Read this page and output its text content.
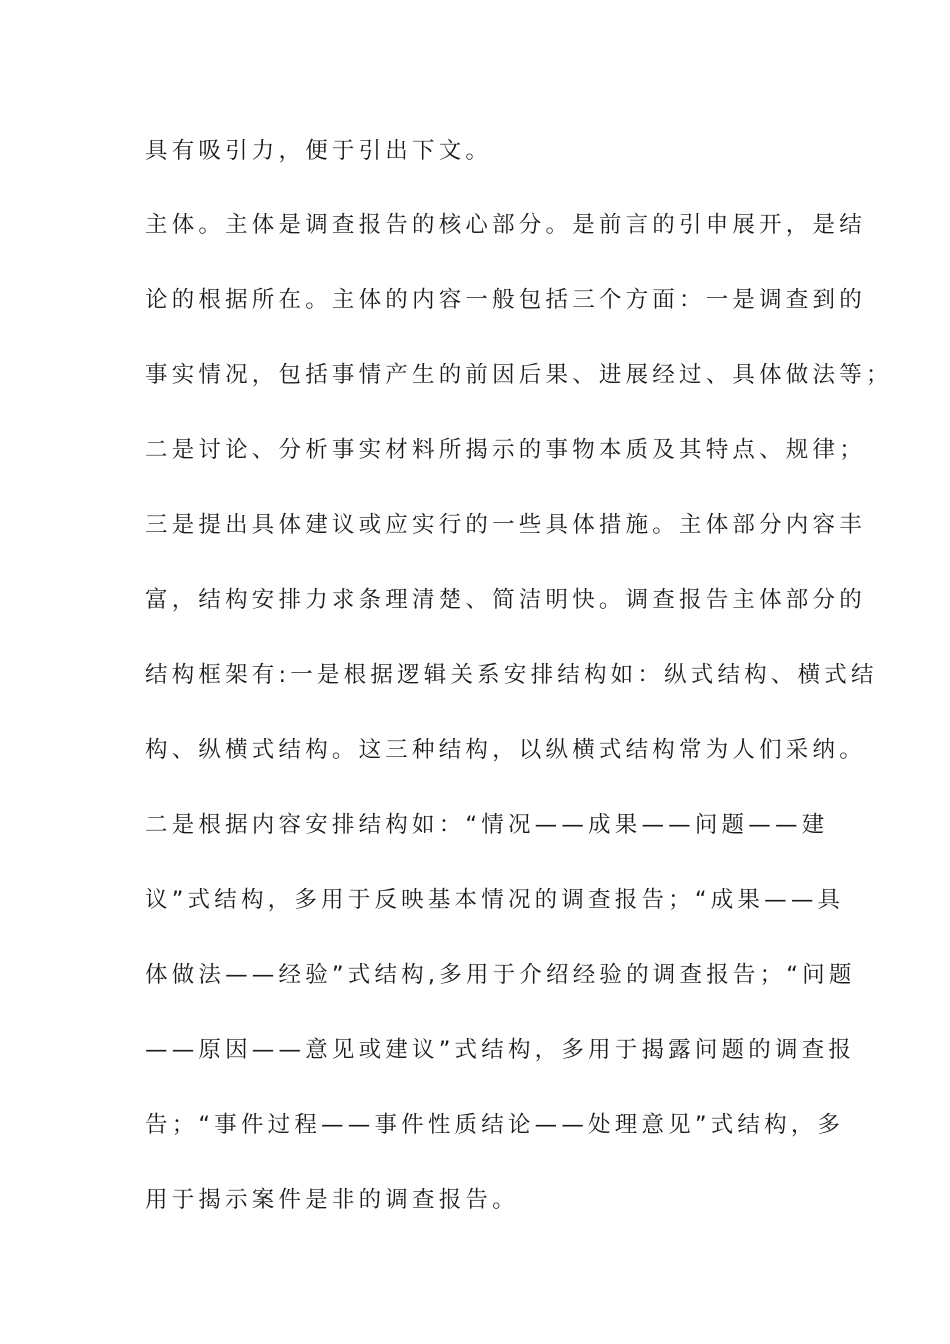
具有吸引力，便于引出下文。
主体。主体是调查报告的核心部分。是前言的引申展开，是结
论的根据所在。主体的内容一般包括三个方面：一是调查到的
事实情况，包括事情产生的前因后果、进展经过、具体做法等；
二是讨论、分析事实材料所揭示的事物本质及其特点、规律；
三是提出具体建议或应实行的一些具体措施。主体部分内容丰
富，结构安排力求条理清楚、简洁明快。调查报告主体部分的
结构框架有:一是根据逻辑关系安排结构如：纵式结构、横式结
构、纵横式结构。这三种结构，以纵横式结构常为人们采纳。
二是根据内容安排结构如：“情况——成果——问题——建
议”式结构，多用于反映基本情况的调查报告；“成果——具
体做法——经验”式结构,多用于介绍经验的调查报告；“问题
——原因——意见或建议”式结构，多用于揭露问题的调查报
告；“事件过程——事件性质结论——处理意见”式结构，多
用于揭示案件是非的调查报告。
